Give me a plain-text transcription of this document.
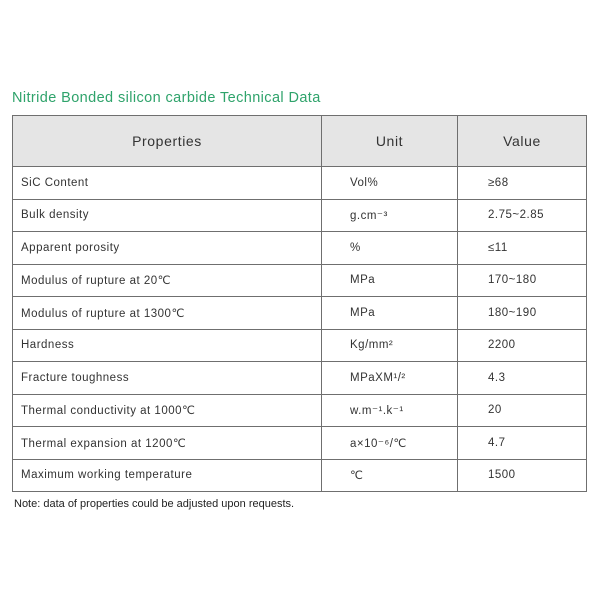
Nitride Bonded silicon carbide Technical Data
Properties	Unit	Value
SiC Content	Vol%	≥68
Bulk density	g.cm⁻³	2.75~2.85
Apparent porosity	%	≤11
Modulus of rupture at 20℃	MPa	170~180
Modulus of rupture at 1300℃	MPa	180~190
Hardness	Kg/mm²	2200
Fracture toughness	MPaXM¹/²	4.3
Thermal conductivity at 1000℃	w.m⁻¹.k⁻¹	20
Thermal expansion at 1200℃	a×10⁻⁶/℃	4.7
Maximum working temperature	℃	1500
Note: data of properties could be adjusted upon requests.
